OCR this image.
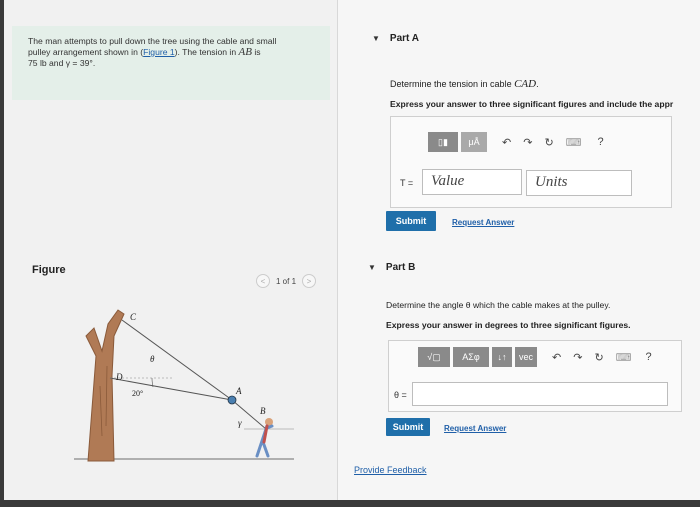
The man attempts to pull down the tree using the cable and small
pulley arrangement shown in (Figure 1). The tension in AB is
75 lb and γ = 39°.
Figure
<	1 of 1	>
C
D
A
B
θ
20°
γ
▼ Part A
Determine the tension in cable CAD.
Express your answer to three significant figures and include the appr
▯▮	μÅ	↶ ↷ ↻ ⌨ ?
T =	Value	Units
Submit	Request Answer
▼ Part B
Determine the angle θ which the cable makes at the pulley.
Express your answer in degrees to three significant figures.
√▢	ΑΣφ	↓↑	vec	↶ ↷ ↻ ⌨ ?
θ =
Submit	Request Answer
Provide Feedback
